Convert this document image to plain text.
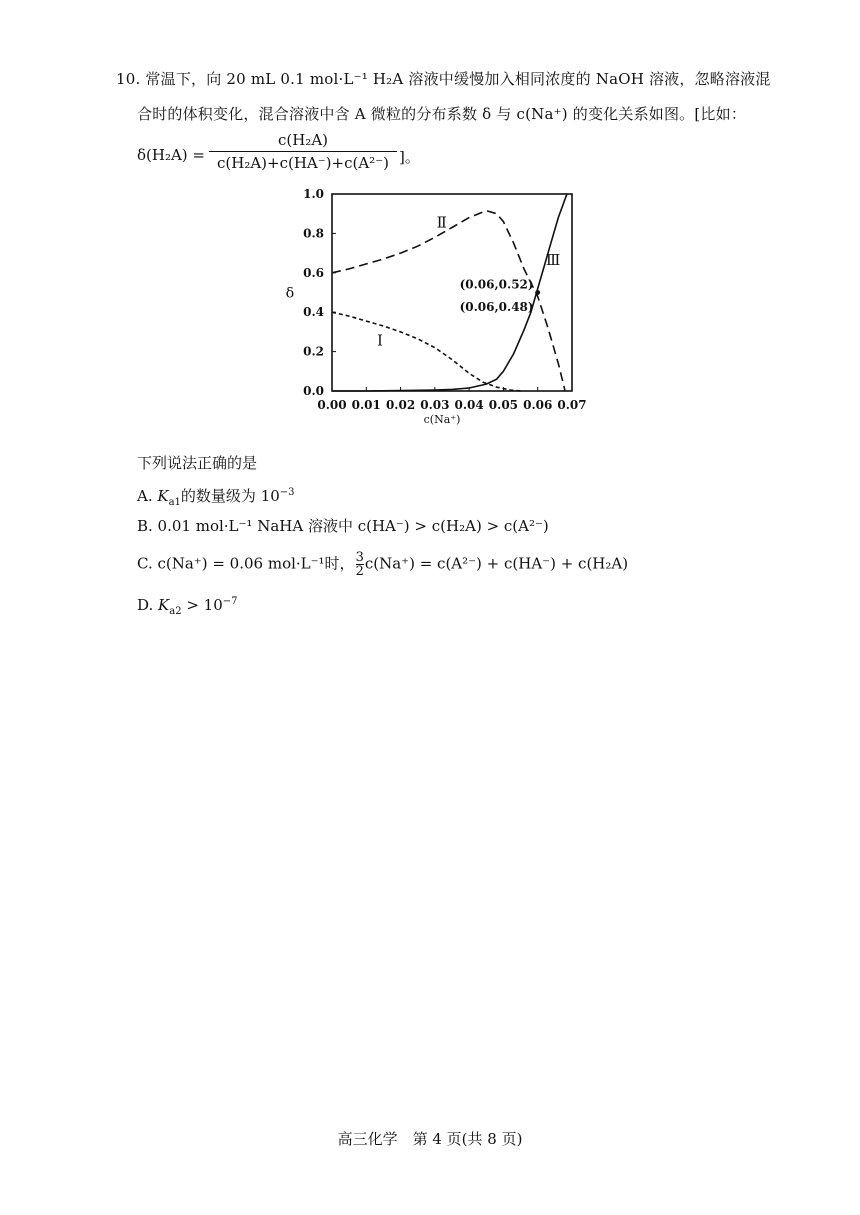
10. 常温下，向 20 mL 0.1 mol·L⁻¹ H₂A 溶液中缓慢加入相同浓度的 NaOH 溶液，忽略溶液混
合时的体积变化，混合溶液中含 A 微粒的分布系数 δ 与 c(Na⁺) 的变化关系如图。[比如：
$\delta(H_2A) = \frac{\text{c(H₂A)}}{\text{c(H₂A)+c(HA⁻)+c(A²⁻)}}$ ]。
0.00 0.01 0.02 0.03 0.04 0.05 0.06 0.07
0.0
0.2
0.4
0.6
0.8
1.0
c(Na⁺)
δ
Ⅰ
Ⅱ
Ⅲ
(0.06,0.52)
(0.06,0.48)
下列说法正确的是
A. $K_{a1}$的数量级为 $10^{-3}$
B. 0.01 mol·L⁻¹ NaHA 溶液中 c(HA⁻) > c(H₂A) > c(A²⁻)
C. c(Na⁺) = 0.06 mol·L⁻¹时， $\frac{3}{2} c(Na^+) = c(A^{2-}) + c(HA^-) + c(H_2A)$
D. $K_{a2} > 10^{-7}$
高三化学　第 4 页(共 8 页)
